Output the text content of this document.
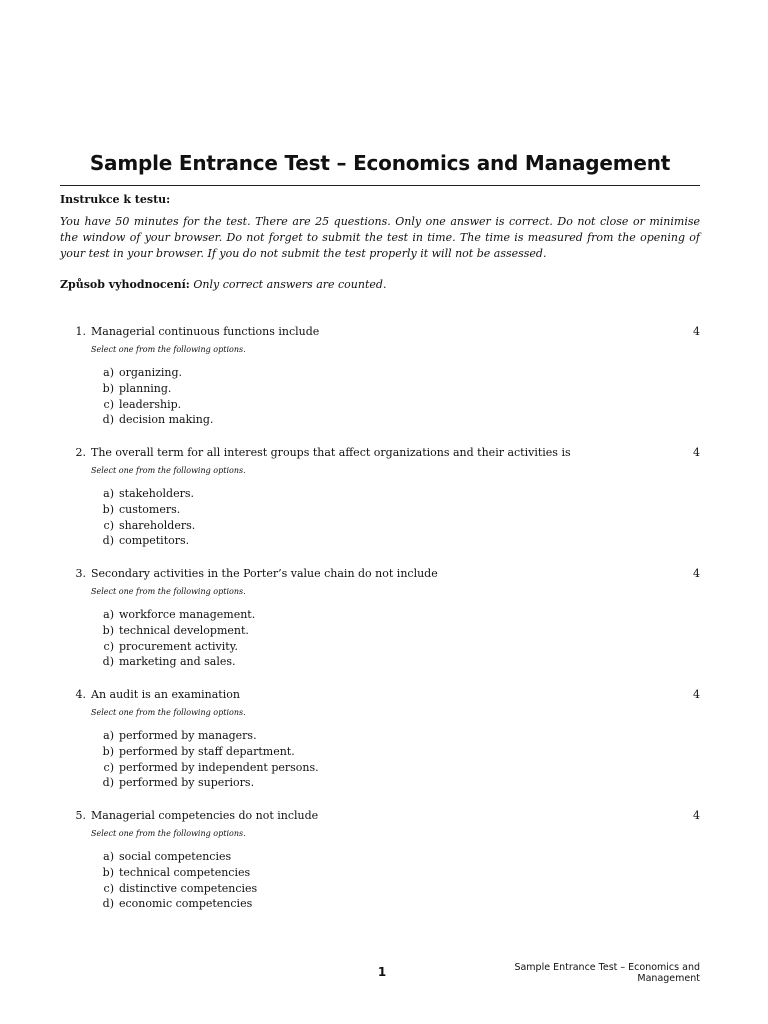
Sample Entrance Test – Economics and Management
Instrukce k testu:
You have 50 minutes for the test. There are 25 questions. Only one answer is correct. Do not close or minimise the window of your browser. Do not forget to submit the test in time. The time is measured from the opening of your test in your browser. If you do not submit the test properly it will not be assessed.
Způsob vyhodnocení: Only correct answers are counted.
1. Managerial continuous functions include	4
Select one from the following options.
a) organizing.
b) planning.
c) leadership.
d) decision making.
2. The overall term for all interest groups that affect organizations and their activities is	4
Select one from the following options.
a) stakeholders.
b) customers.
c) shareholders.
d) competitors.
3. Secondary activities in the Porter’s value chain do not include	4
Select one from the following options.
a) workforce management.
b) technical development.
c) procurement activity.
d) marketing and sales.
4. An audit is an examination	4
Select one from the following options.
a) performed by managers.
b) performed by staff department.
c) performed by independent persons.
d) performed by superiors.
5. Managerial competencies do not include	4
Select one from the following options.
a) social competencies
b) technical competencies
c) distinctive competencies
d) economic competencies
1	Sample Entrance Test – Economics and
Management
